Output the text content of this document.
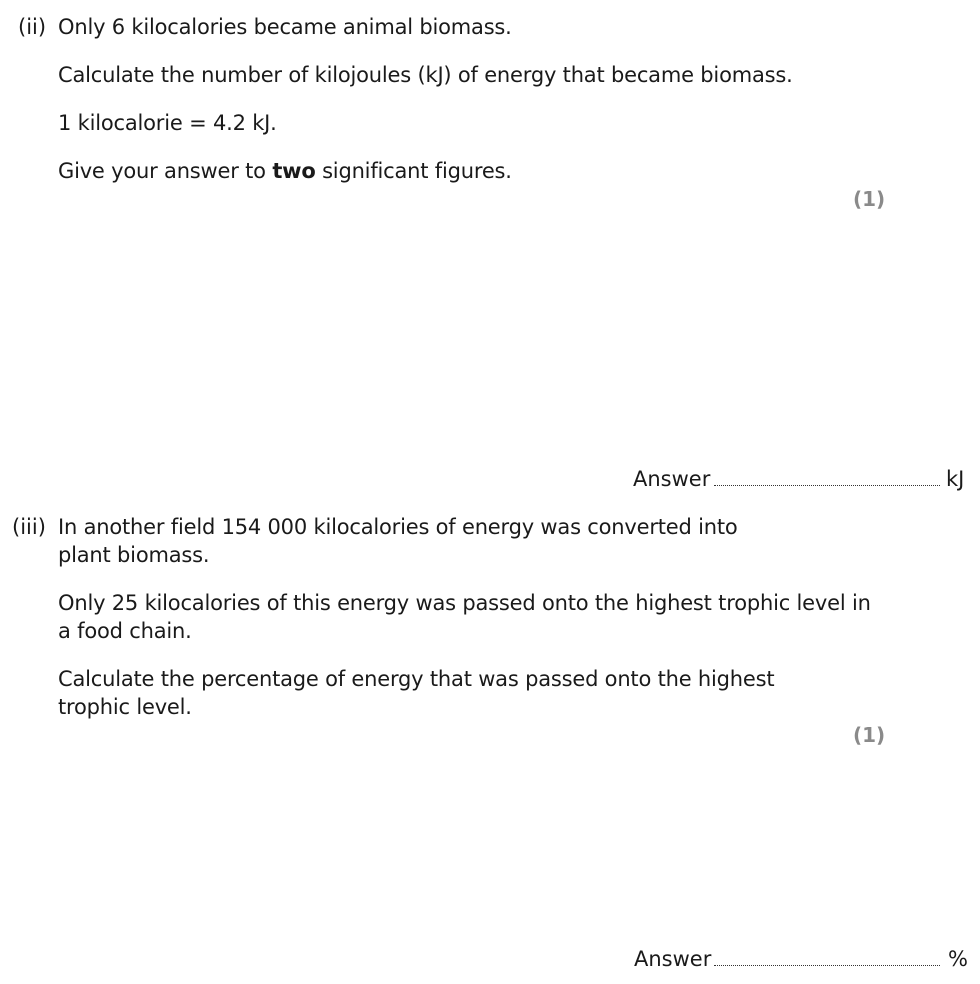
(ii) Only 6 kilocalories became animal biomass.
Calculate the number of kilojoules (kJ) of energy that became biomass.
1 kilocalorie = 4.2 kJ.
Give your answer to two significant figures.
(1)
Answer	kJ
(iii) In another field 154 000 kilocalories of energy was converted into
plant biomass.
Only 25 kilocalories of this energy was passed onto the highest trophic level in
a food chain.
Calculate the percentage of energy that was passed onto the highest
trophic level.
(1)
Answer	%
